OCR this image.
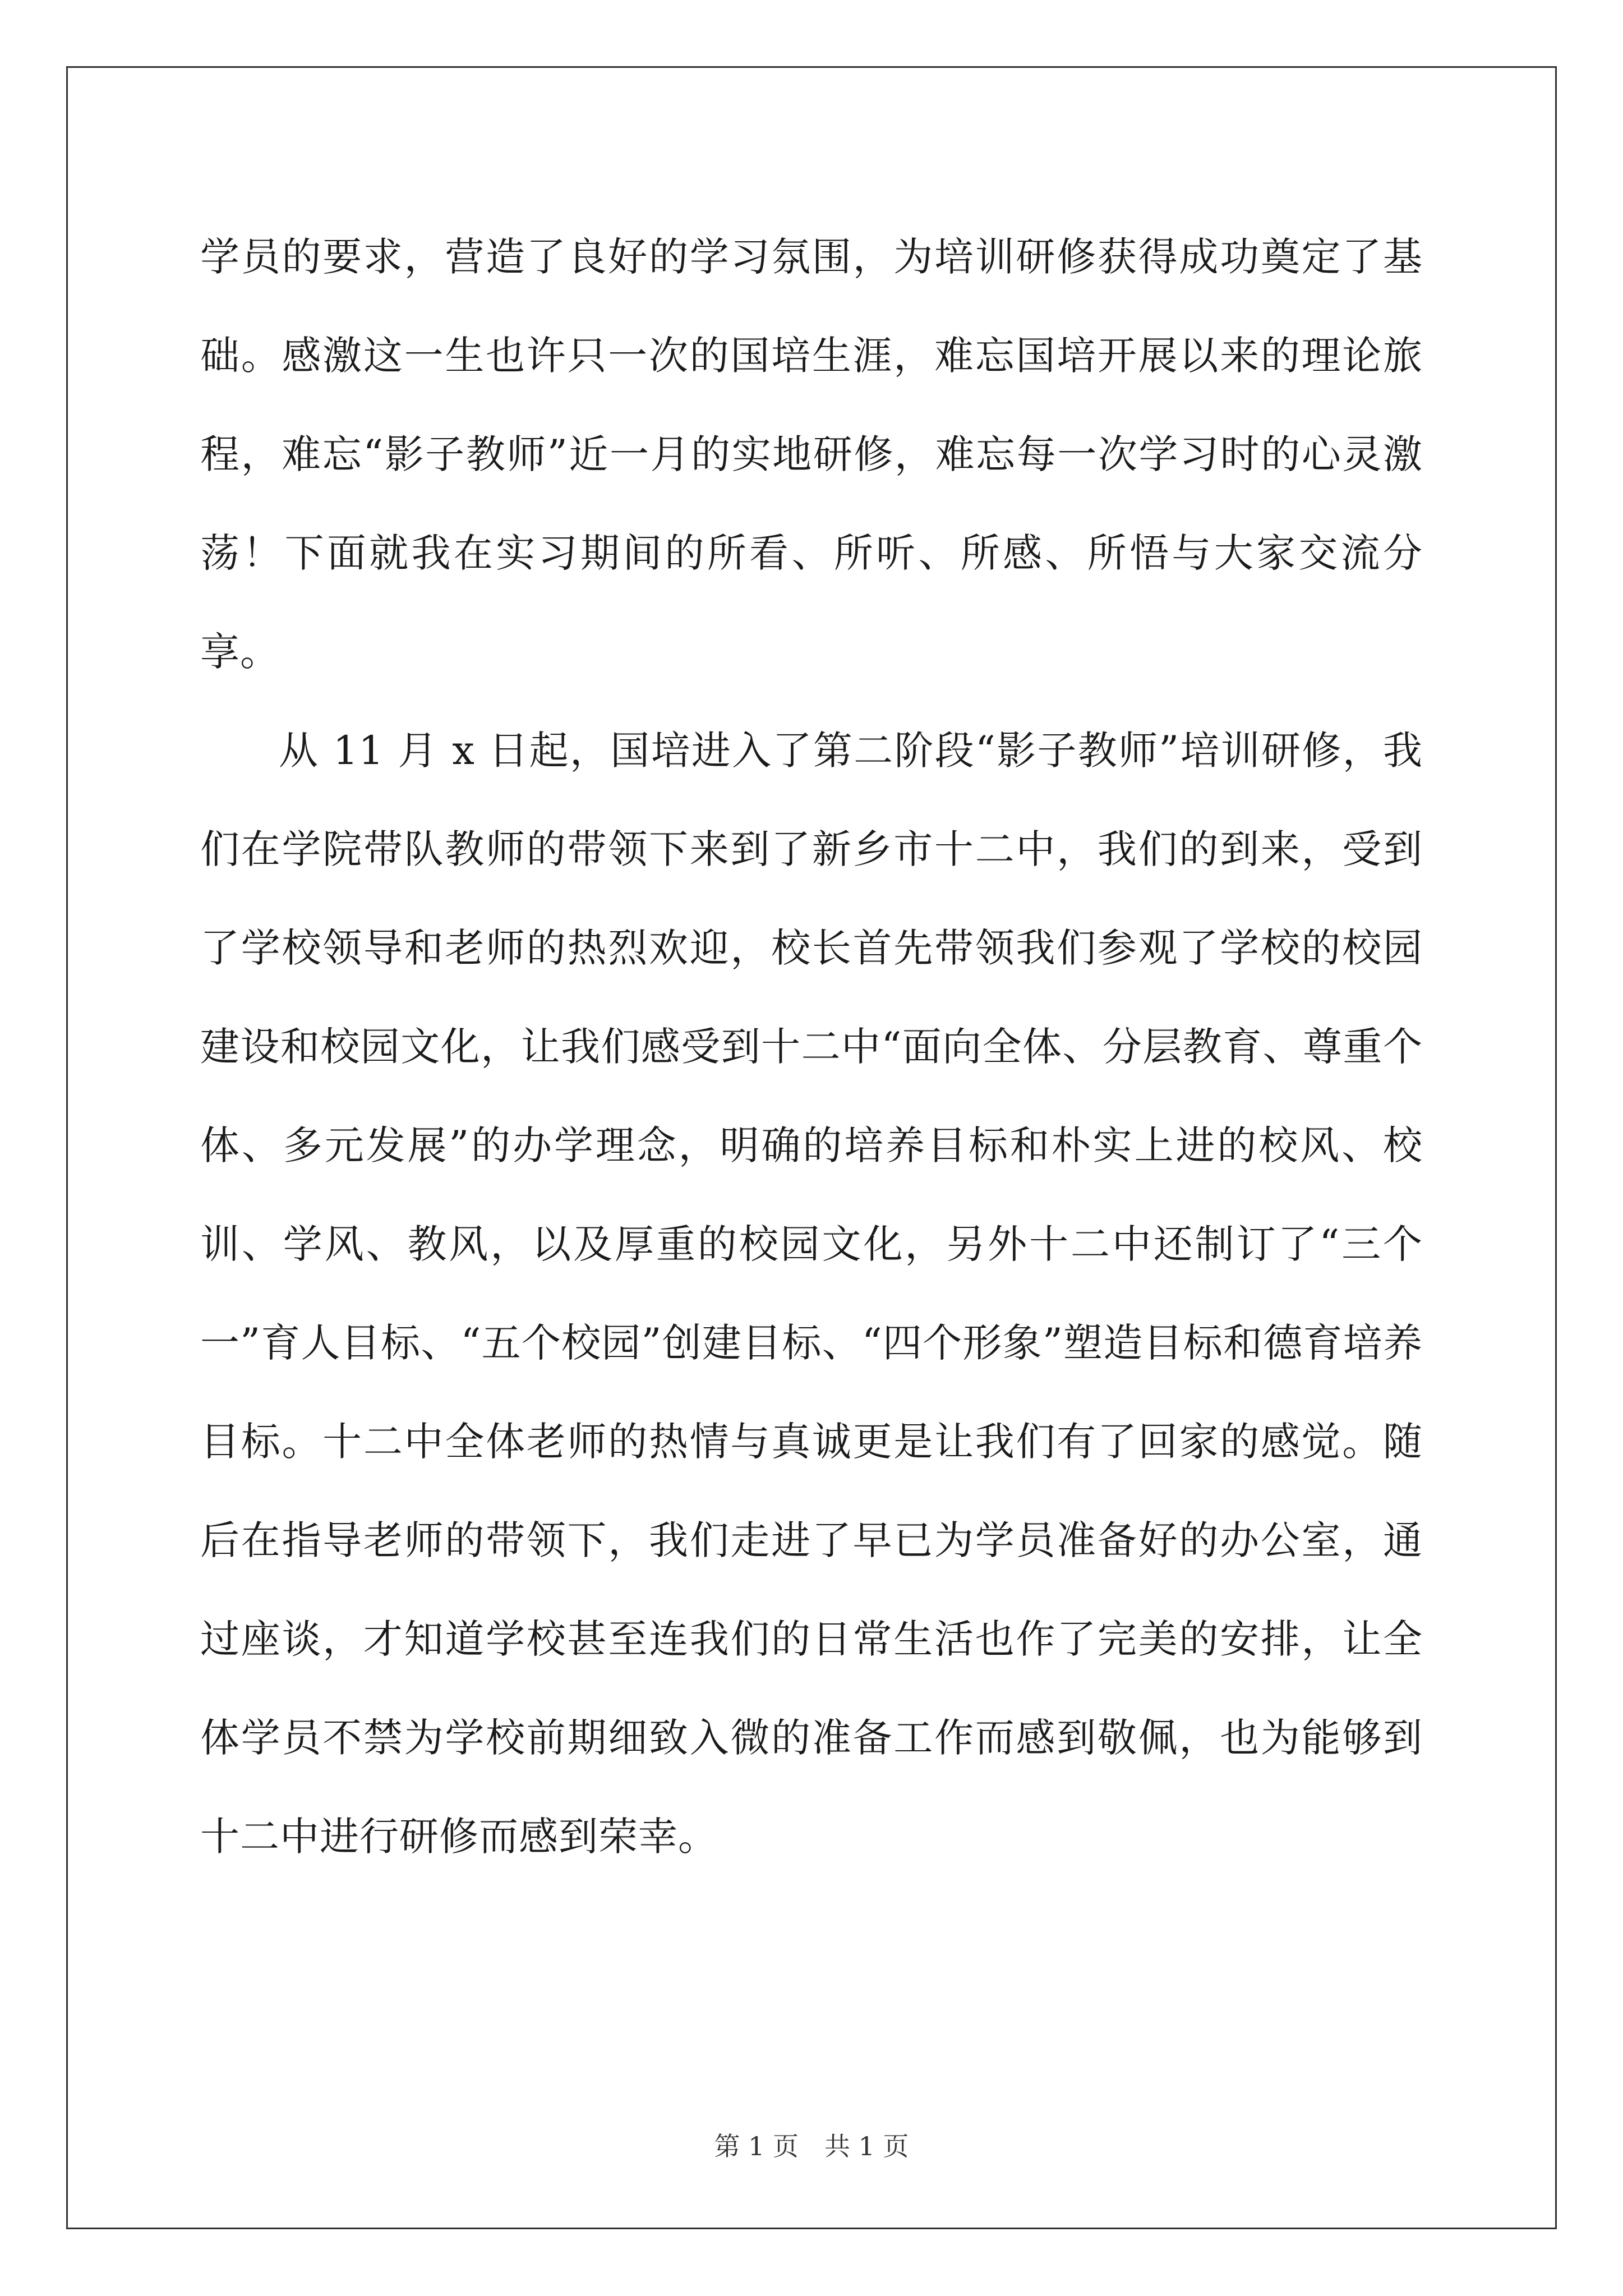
学员的要求，营造了良好的学习氛围，为培训研修获得成功奠定了基础。感激这一生也许只一次的国培生涯，难忘国培开展以来的理论旅程，难忘“影子教师”近一月的实地研修，难忘每一次学习时的心灵激荡！下面就我在实习期间的所看、所听、所感、所悟与大家交流分享。

从 11 月 x 日起，国培进入了第二阶段“影子教师”培训研修，我们在学院带队教师的带领下来到了新乡市十二中，我们的到来，受到了学校领导和老师的热烈欢迎，校长首先带领我们参观了学校的校园建设和校园文化，让我们感受到十二中“面向全体、分层教育、尊重个体、多元发展”的办学理念，明确的培养目标和朴实上进的校风、校训、学风、教风，以及厚重的校园文化，另外十二中还制订了“三个一”育人目标、“五个校园”创建目标、“四个形象”塑造目标和德育培养目标。十二中全体老师的热情与真诚更是让我们有了回家的感觉。随后在指导老师的带领下，我们走进了早已为学员准备好的办公室，通过座谈，才知道学校甚至连我们的日常生活也作了完美的安排，让全体学员不禁为学校前期细致入微的准备工作而感到敬佩，也为能够到十二中进行研修而感到荣幸。

第 1 页　共 1 页
